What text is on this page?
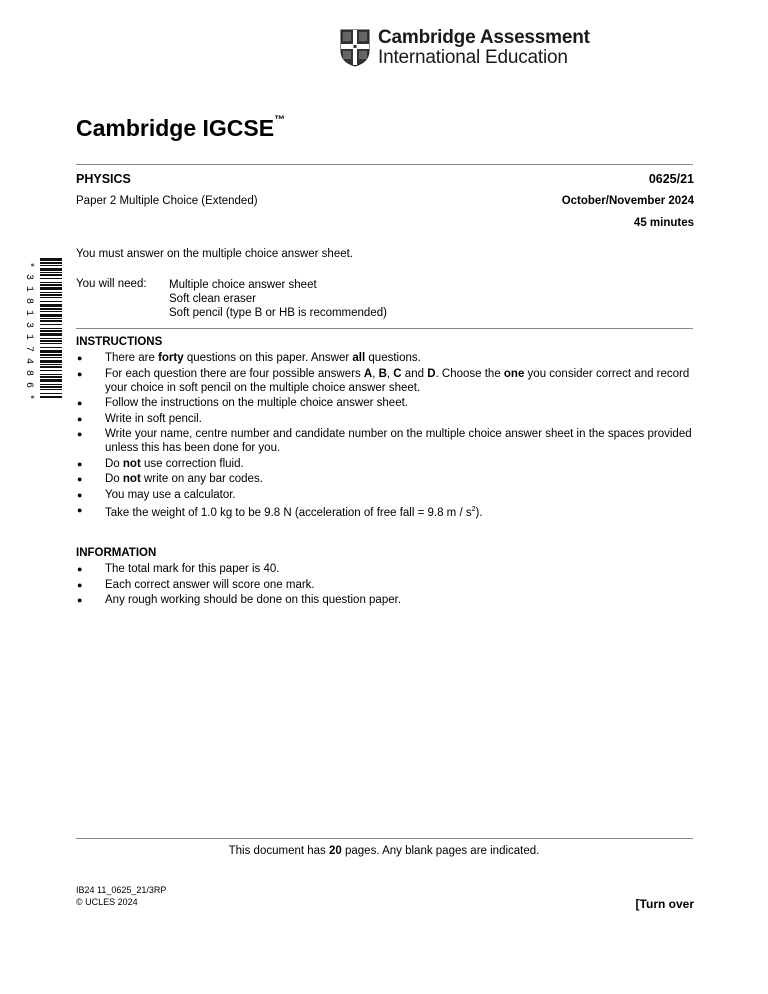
Cambridge Assessment
International Education
Cambridge IGCSE™
PHYSICS	0625/21
Paper 2 Multiple Choice (Extended)	October/November 2024
45 minutes
You must answer on the multiple choice answer sheet.
You will need: Multiple choice answer sheet
Soft clean eraser
Soft pencil (type B or HB is recommended)
* 3 1 8 1 3 1 7 4 8 6 *	INSTRUCTIONS
●	There are forty questions on this paper. Answer all questions.
●	For each question there are four possible answers A, B, C and D. Choose the one you consider correct and record your choice in soft pencil on the multiple choice answer sheet.
●	Follow the instructions on the multiple choice answer sheet.
●	Write in soft pencil.
●	Write your name, centre number and candidate number on the multiple choice answer sheet in the spaces provided unless this has been done for you.
●	Do not use correction fluid.
●	Do not write on any bar codes.
●	You may use a calculator.
●	Take the weight of 1.0 kg to be 9.8 N (acceleration of free fall = 9.8 m / $s^2$).
INFORMATION
●	The total mark for this paper is 40.
●	Each correct answer will score one mark.
●	Any rough working should be done on this question paper.
This document has 20 pages. Any blank pages are indicated.
IB24 11_0625_21/3RP
© UCLES 2024	[Turn over
